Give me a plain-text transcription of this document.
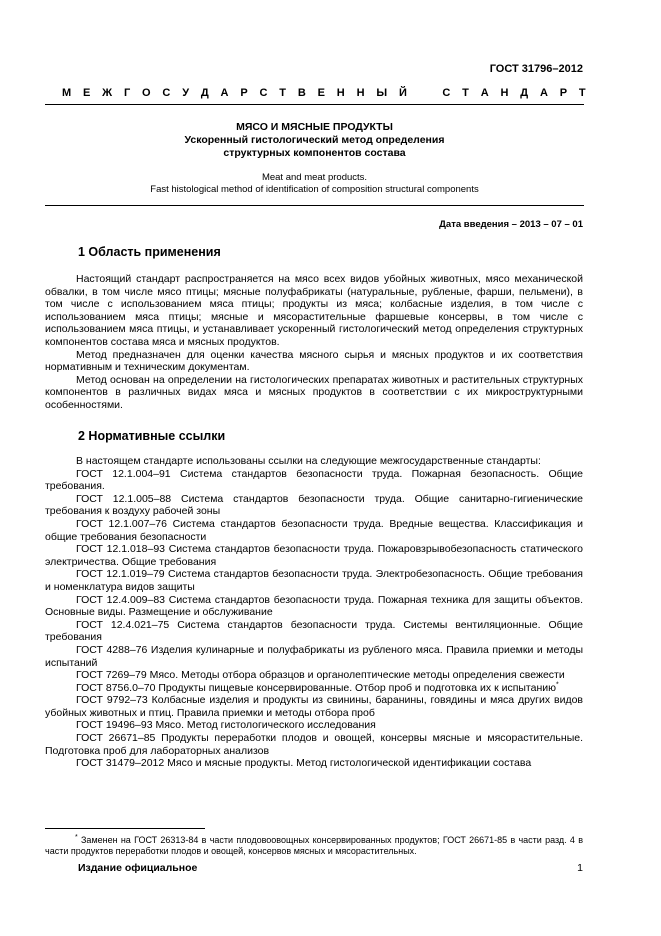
ГОСТ 31796–2012
М Е Ж Г О С У Д А Р С Т В Е Н Н Ы Й	С Т А Н Д А Р Т
МЯСО И МЯСНЫЕ ПРОДУКТЫ
Ускоренный гистологический метод определения
структурных компонентов состава
Meat and meat products.
Fast histological method of identification of composition structural components
Дата введения – 2013 – 07 – 01
1 Область применения

Настоящий стандарт распространяется на мясо всех видов убойных животных, мясо механической обвалки, в том числе мясо птицы; мясные полуфабрикаты (натуральные, рубленые, фарши, пельмени), в том числе с использованием мяса птицы; продукты из мяса; колбасные изделия, в том числе с использованием мяса птицы; мясные и мясорастительные фаршевые консервы, в том числе с использованием мяса птицы, и устанавливает ускоренный гистологический метод определения структурных компонентов состава мяса и мясных продуктов.

Метод предназначен для оценки качества мясного сырья и мясных продуктов и их соответствия нормативным и техническим документам.

Метод основан на определении на гистологических препаратах животных и растительных структурных компонентов в различных видах мяса и мясных продуктов в соответствии с их микроструктурными особенностями.

2 Нормативные ссылки

В настоящем стандарте использованы ссылки на следующие межгосударственные стандарты:

ГОСТ 12.1.004–91 Система стандартов безопасности труда. Пожарная безопасность. Общие требования.

ГОСТ 12.1.005–88 Система стандартов безопасности труда. Общие санитарно-гигиенические требования к воздуху рабочей зоны

ГОСТ 12.1.007–76 Система стандартов безопасности труда. Вредные вещества. Классификация и общие требования безопасности

ГОСТ 12.1.018–93 Система стандартов безопасности труда. Пожаровзрывобезопасность статического электричества. Общие требования

ГОСТ 12.1.019–79 Система стандартов безопасности труда. Электробезопасность. Общие требования и номенклатура видов защиты

ГОСТ 12.4.009–83 Система стандартов безопасности труда. Пожарная техника для защиты объектов. Основные виды. Размещение и обслуживание

ГОСТ 12.4.021–75 Система стандартов безопасности труда. Системы вентиляционные. Общие требования

ГОСТ 4288–76 Изделия кулинарные и полуфабрикаты из рубленого мяса. Правила приемки и методы испытаний

ГОСТ 7269–79 Мясо. Методы отбора образцов и органолептические методы определения свежести

ГОСТ 8756.0–70 Продукты пищевые консервированные. Отбор проб и подготовка их к испытанию*

ГОСТ 9792–73 Колбасные изделия и продукты из свинины, баранины, говядины и мяса других видов убойных животных и птиц. Правила приемки и методы отбора проб

ГОСТ 19496–93 Мясо. Метод гистологического исследования

ГОСТ 26671–85 Продукты переработки плодов и овощей, консервы мясные и мясорастительные. Подготовка проб для лабораторных анализов

ГОСТ 31479–2012 Мясо и мясные продукты. Метод гистологической идентификации состава

* Заменен на ГОСТ 26313-84 в части плодовоовощных консервированных продуктов; ГОСТ 26671-85 в части разд. 4 в части продуктов переработки плодов и овощей, консервов мясных и мясорастительных.
Издание официальное	1
